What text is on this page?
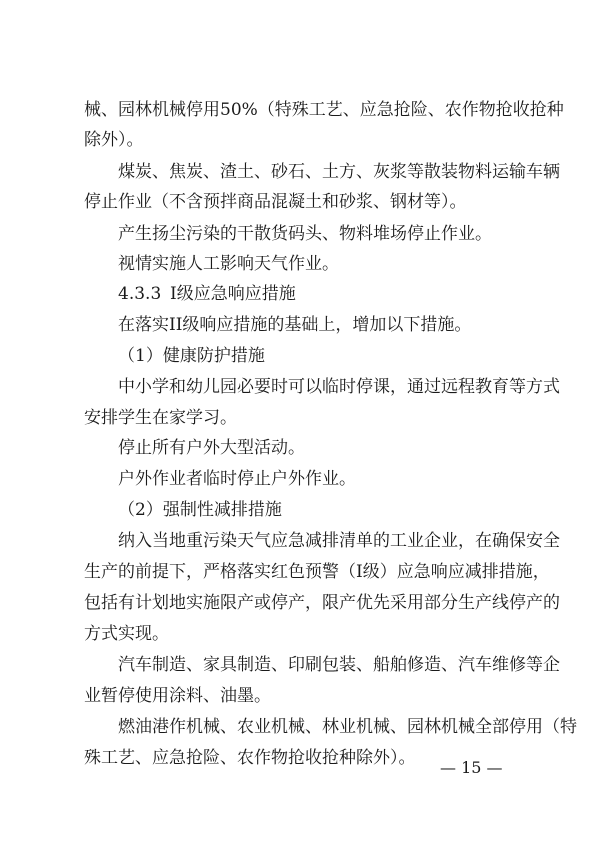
械、园林机械停用50%（特殊工艺、应急抢险、农作物抢收抢种

除外）。

煤炭、焦炭、渣土、砂石、土方、灰浆等散装物料运输车辆

停止作业（不含预拌商品混凝土和砂浆、钢材等）。

产生扬尘污染的干散货码头、物料堆场停止作业。

视情实施人工影响天气作业。

4.3.3 I级应急响应措施

在落实II级响应措施的基础上，增加以下措施。

（1）健康防护措施

中小学和幼儿园必要时可以临时停课，通过远程教育等方式

安排学生在家学习。

停止所有户外大型活动。

户外作业者临时停止户外作业。

（2）强制性减排措施

纳入当地重污染天气应急减排清单的工业企业，在确保安全

生产的前提下，严格落实红色预警（I级）应急响应减排措施，

包括有计划地实施限产或停产，限产优先采用部分生产线停产的

方式实现。

汽车制造、家具制造、印刷包装、船舶修造、汽车维修等企

业暂停使用涂料、油墨。

燃油港作机械、农业机械、林业机械、园林机械全部停用（特

殊工艺、应急抢险、农作物抢收抢种除外）。	— 15 —
